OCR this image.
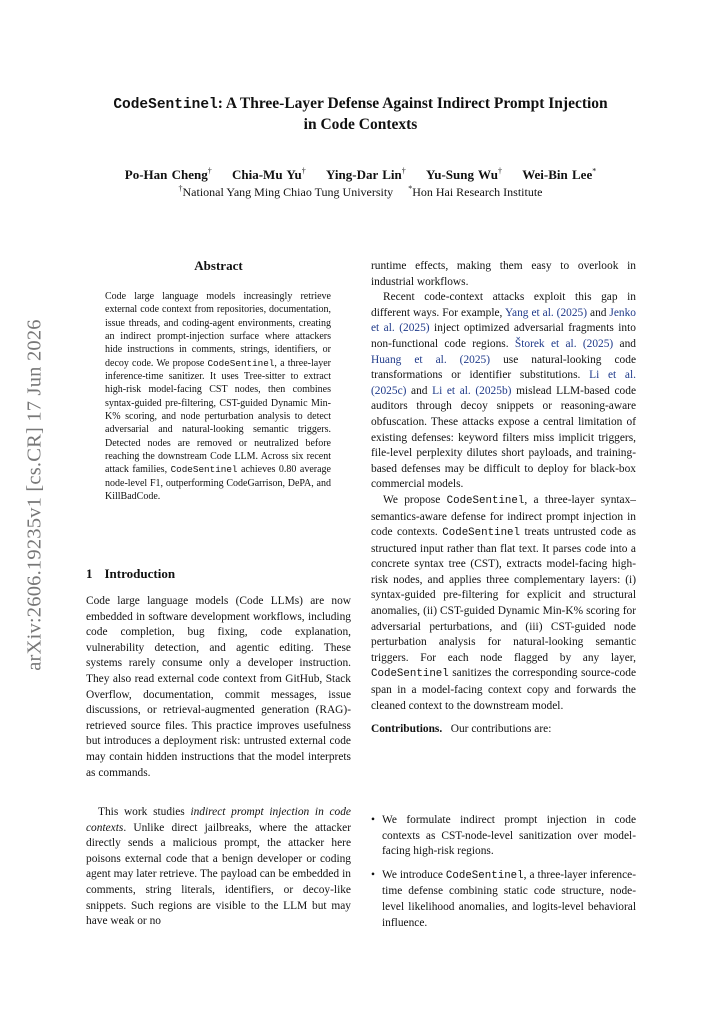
arXiv:2606.19235v1 [cs.CR] 17 Jun 2026
CodeSentinel: A Three-Layer Defense Against Indirect Prompt Injection
in Code Contexts
Po-Han Cheng† Chia-Mu Yu† Ying-Dar Lin† Yu-Sung Wu† Wei-Bin Lee*
†National Yang Ming Chiao Tung University *Hon Hai Research Institute
Abstract

Code large language models increasingly retrieve external code context from repositories, documentation, issue threads, and coding-agent environments, creating an indirect prompt-injection surface where attackers hide instructions in comments, strings, identifiers, or decoy code. We propose CodeSentinel, a three-layer inference-time sanitizer. It uses Tree-sitter to extract high-risk model-facing CST nodes, then combines syntax-guided pre-filtering, CST-guided Dynamic Min-K% scoring, and node perturbation analysis to detect adversarial and natural-looking semantic triggers. Detected nodes are removed or neutralized before reaching the downstream Code LLM. Across six recent attack families, CodeSentinel achieves 0.80 average node-level F1, outperforming CodeGarrison, DePA, and KillBadCode.

1 Introduction

Code large language models (Code LLMs) are now embedded in software development workflows, including code completion, bug fixing, code explanation, vulnerability detection, and agentic editing. These systems rarely consume only a developer instruction. They also read external code context from GitHub, Stack Overflow, documentation, commit messages, issue discussions, or retrieval-augmented generation (RAG)-retrieved source files. This practice improves usefulness but introduces a deployment risk: untrusted external code may contain hidden instructions that the model interprets as commands.

This work studies indirect prompt injection in code contexts. Unlike direct jailbreaks, where the attacker directly sends a malicious prompt, the attacker here poisons external code that a benign developer or coding agent may later retrieve. The payload can be embedded in comments, string literals, identifiers, or decoy-like snippets. Such regions are visible to the LLM but may have weak or no

runtime effects, making them easy to overlook in industrial workflows.

Recent code-context attacks exploit this gap in different ways. For example, Yang et al. (2025) and Jenko et al. (2025) inject optimized adversarial fragments into non-functional code regions. Štorek et al. (2025) and Huang et al. (2025) use natural-looking code transformations or identifier substitutions. Li et al. (2025c) and Li et al. (2025b) mislead LLM-based code auditors through decoy snippets or reasoning-aware obfuscation. These attacks expose a central limitation of existing defenses: keyword filters miss implicit triggers, file-level perplexity dilutes short payloads, and training-based defenses may be difficult to deploy for black-box commercial models.

We propose CodeSentinel, a three-layer syntax–semantics-aware defense for indirect prompt injection in code contexts. CodeSentinel treats untrusted code as structured input rather than flat text. It parses code into a concrete syntax tree (CST), extracts model-facing high-risk nodes, and applies three complementary layers: (i) syntax-guided pre-filtering for explicit and structural anomalies, (ii) CST-guided Dynamic Min-K% scoring for adversarial perturbations, and (iii) CST-guided node perturbation analysis for natural-looking semantic triggers. For each node flagged by any layer, CodeSentinel sanitizes the corresponding source-code span in a model-facing context copy and forwards the cleaned context to the downstream model.

Contributions. Our contributions are:

• We formulate indirect prompt injection in code contexts as CST-node-level sanitization over model-facing high-risk regions.
• We introduce CodeSentinel, a three-layer inference-time defense combining static code structure, node-level likelihood anomalies, and logits-level behavioral influence.
